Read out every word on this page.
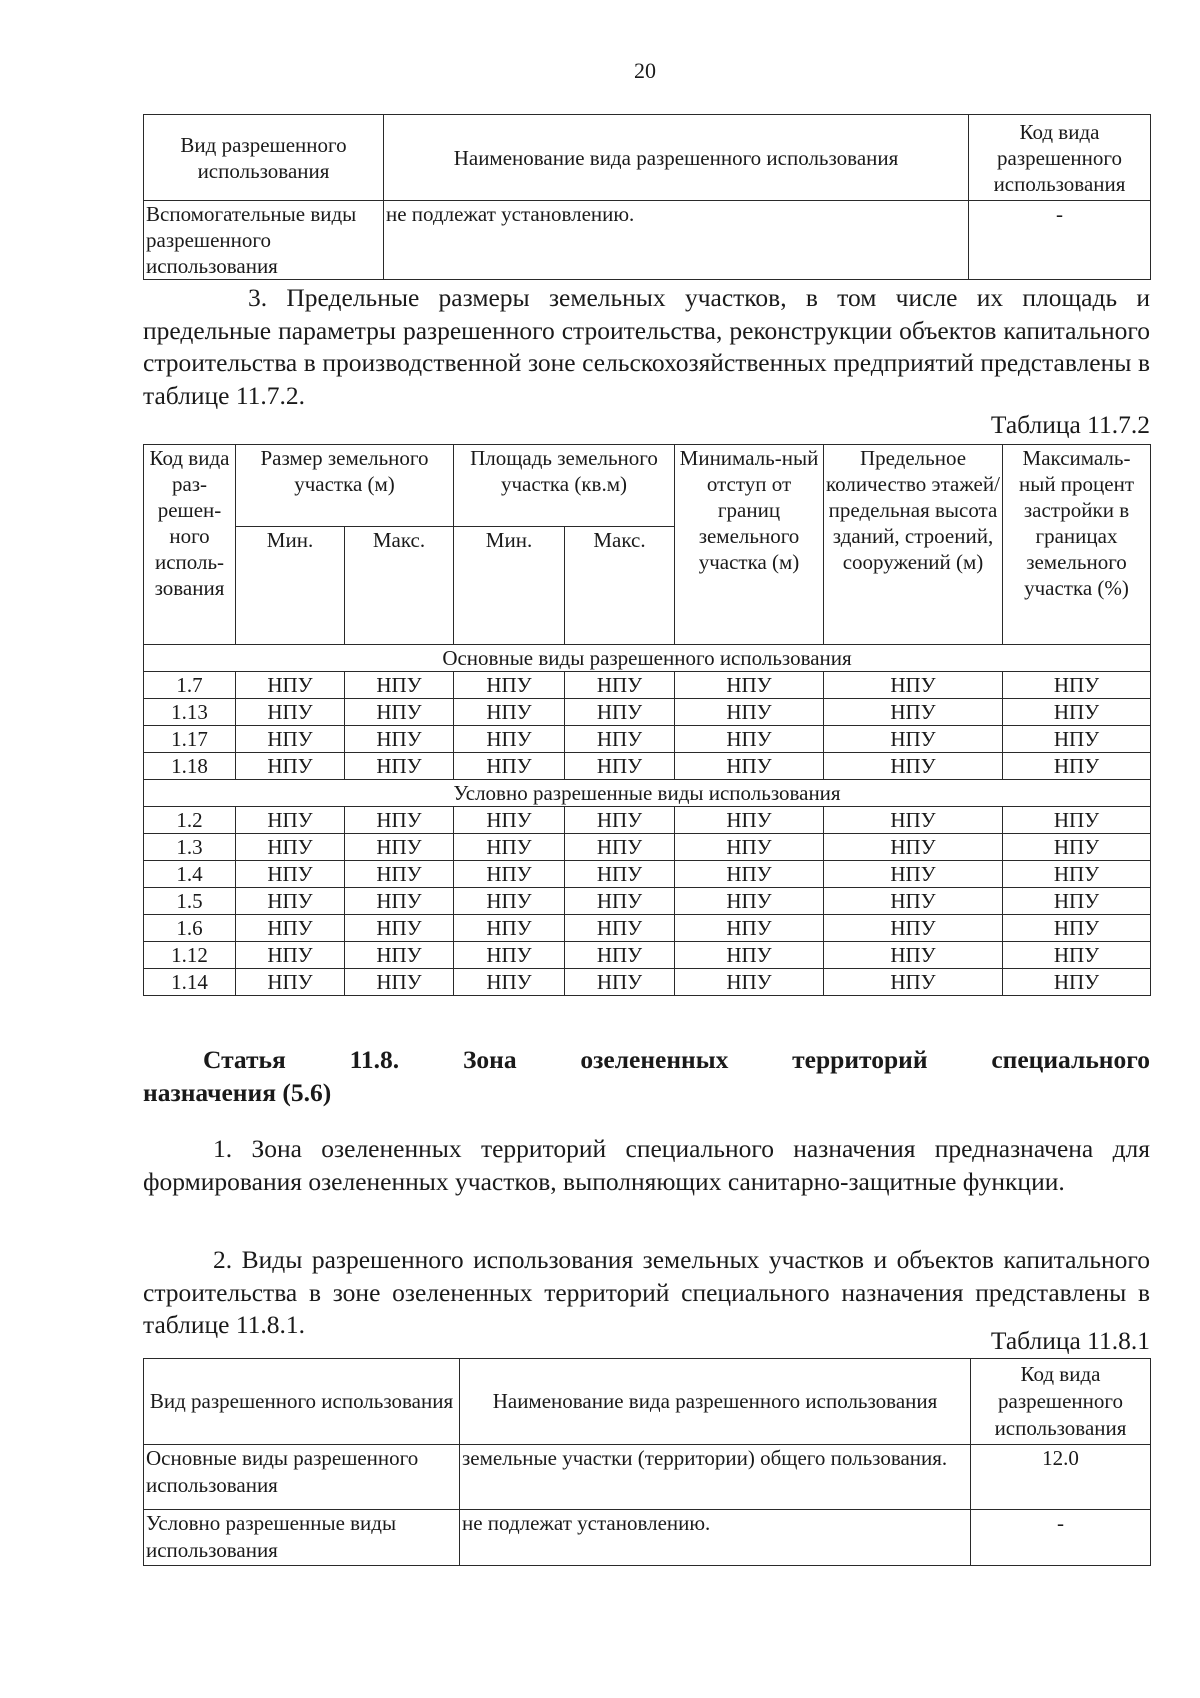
20
Вид разрешенного использования	Наименование вида разрешенного использования	Код вида разрешенного использования
Вспомогательные виды разрешенного использования	не подлежат установлению.	-
3. Предельные размеры земельных участков, в том числе их площадь и предельные параметры разрешенного строительства, реконструкции объектов капитального строительства в производственной зоне сельскохозяйственных предприятий представлены в таблице 11.7.2.
Таблица 11.7.2
Код вида раз-решен-ного исполь-зования	Размер земельного участка (м)		Площадь земельного участка (кв.м)		Минималь-ный отступ от границ земельного участка (м)	Предельное количество этажей/ предельная высота зданий, строений, сооружений (м)	Максималь-ный процент застройки в границах земельного участка (%)
	Мин.	Макс.	Мин.	Макс.			
Основные виды разрешенного использования							
1.7	НПУ	НПУ	НПУ	НПУ	НПУ	НПУ	НПУ
1.13	НПУ	НПУ	НПУ	НПУ	НПУ	НПУ	НПУ
1.17	НПУ	НПУ	НПУ	НПУ	НПУ	НПУ	НПУ
1.18	НПУ	НПУ	НПУ	НПУ	НПУ	НПУ	НПУ
Условно разрешенные виды использования							
1.2	НПУ	НПУ	НПУ	НПУ	НПУ	НПУ	НПУ
1.3	НПУ	НПУ	НПУ	НПУ	НПУ	НПУ	НПУ
1.4	НПУ	НПУ	НПУ	НПУ	НПУ	НПУ	НПУ
1.5	НПУ	НПУ	НПУ	НПУ	НПУ	НПУ	НПУ
1.6	НПУ	НПУ	НПУ	НПУ	НПУ	НПУ	НПУ
1.12	НПУ	НПУ	НПУ	НПУ	НПУ	НПУ	НПУ
1.14	НПУ	НПУ	НПУ	НПУ	НПУ	НПУ	НПУ
Статья	11.8.	Зона	озелененных	территорий	специального
назначения (5.6)
1. Зона озелененных территорий специального назначения предназначена для формирования озелененных участков, выполняющих санитарно-защитные функции.
2. Виды разрешенного использования земельных участков и объектов капитального строительства в зоне озелененных территорий специального назначения представлены в таблице 11.8.1.
Таблица 11.8.1
Вид разрешенного использования	Наименование вида разрешенного использования	Код вида разрешенного использования
Основные виды разрешенного использования	земельные участки (территории) общего пользования.	12.0
Условно разрешенные виды использования	не подлежат установлению.	-
